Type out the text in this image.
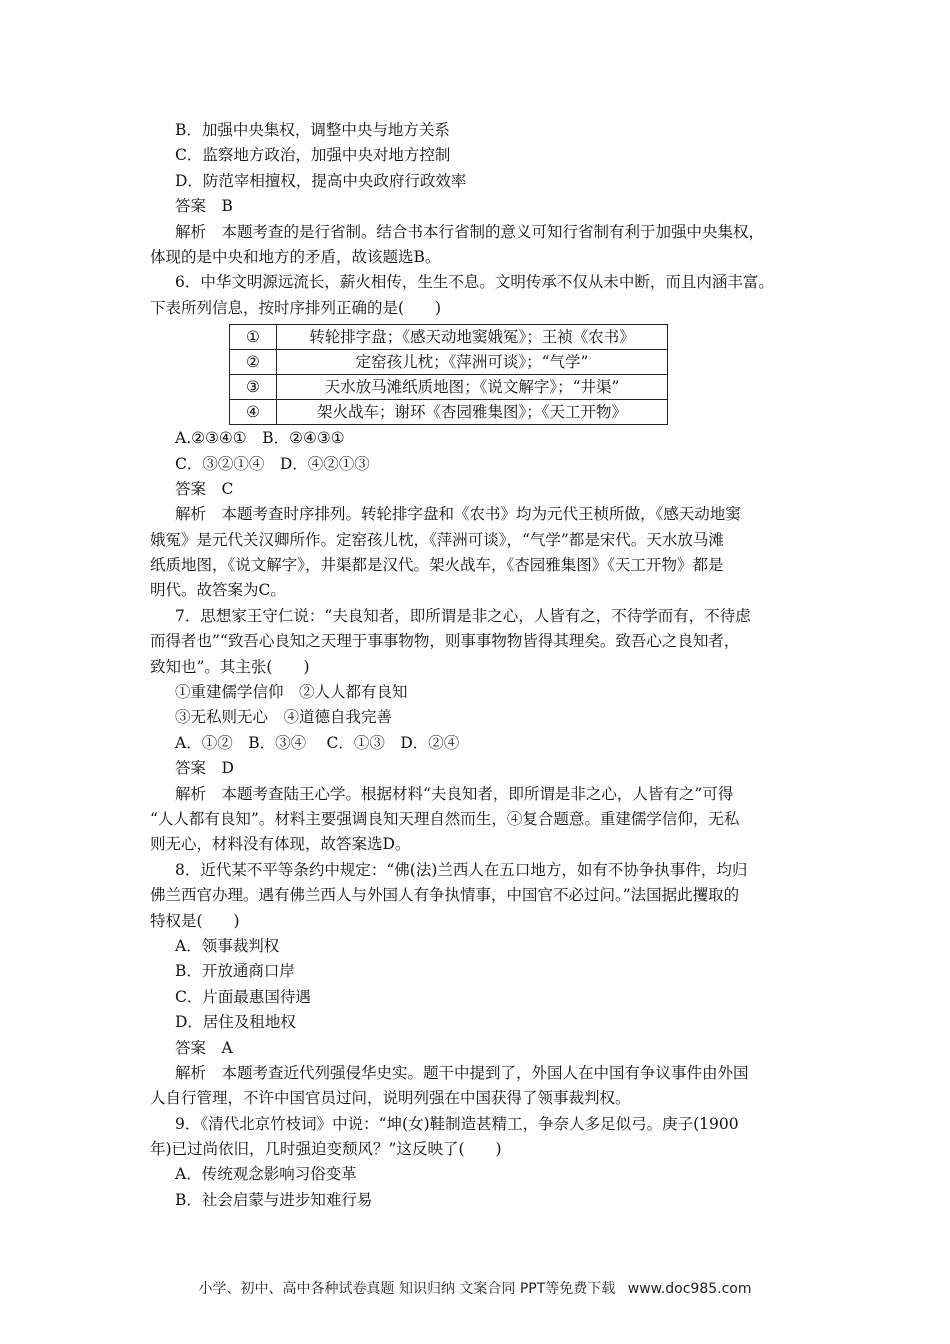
B．加强中央集权，调整中央与地方关系
C．监察地方政治，加强中央对地方控制
D．防范宰相擅权，提高中央政府行政效率
答案　B
解析　本题考查的是行省制。结合书本行省制的意义可知行省制有利于加强中央集权，
体现的是中央和地方的矛盾，故该题选B。
6．中华文明源远流长，薪火相传，生生不息。文明传承不仅从未中断，而且内涵丰富。
下表所列信息，按时序排列正确的是(　　)
①	转轮排字盘；《感天动地窦娥冤》；王祯《农书》
②	定窑孩儿枕；《萍洲可谈》；“气学”
③	天水放马滩纸质地图；《说文解字》；“井渠”
④	架火战车；谢环《杏园雅集图》；《天工开物》
A.②③④①　B．②④③①
C．③②①④　D．④②①③
答案　C
解析　本题考查时序排列。转轮排字盘和《农书》均为元代王桢所做，《感天动地窦
娥冤》是元代关汉卿所作。定窑孩儿枕，《萍洲可谈》，“气学”都是宋代。天水放马滩
纸质地图，《说文解字》，井渠都是汉代。架火战车，《杏园雅集图》《天工开物》都是
明代。故答案为C。
7．思想家王守仁说：“夫良知者，即所谓是非之心，人皆有之，不待学而有，不待虑
而得者也”“致吾心良知之天理于事事物物，则事事物物皆得其理矣。致吾心之良知者，
致知也”。其主张(　　)
①重建儒学信仰　②人人都有良知
③无私则无心　④道德自我完善
A．①②　B．③④　 C．①③　D．②④
答案　D
解析　本题考查陆王心学。根据材料“夫良知者，即所谓是非之心，人皆有之”可得
“人人都有良知”。材料主要强调良知天理自然而生，④复合题意。重建儒学信仰，无私
则无心，材料没有体现，故答案选D。
8．近代某不平等条约中规定：“佛(法)兰西人在五口地方，如有不协争执事件，均归
佛兰西官办理。遇有佛兰西人与外国人有争执情事，中国官不必过问。”法国据此攫取的
特权是(　　)
A．领事裁判权
B．开放通商口岸
C．片面最惠国待遇
D．居住及租地权
答案　A
解析　本题考查近代列强侵华史实。题干中提到了，外国人在中国有争议事件由外国
人自行管理，不许中国官员过问，说明列强在中国获得了领事裁判权。
9．《清代北京竹枝词》中说：“坤(女)鞋制造甚精工，争奈人多足似弓。庚子(1900
年)已过尚依旧，几时强迫变颓风？”这反映了(　　)
A．传统观念影响习俗变革
B．社会启蒙与进步知难行易
小学、初中、高中各种试卷真题 知识归纳 文案合同 PPT等免费下载 www.doc985.com
